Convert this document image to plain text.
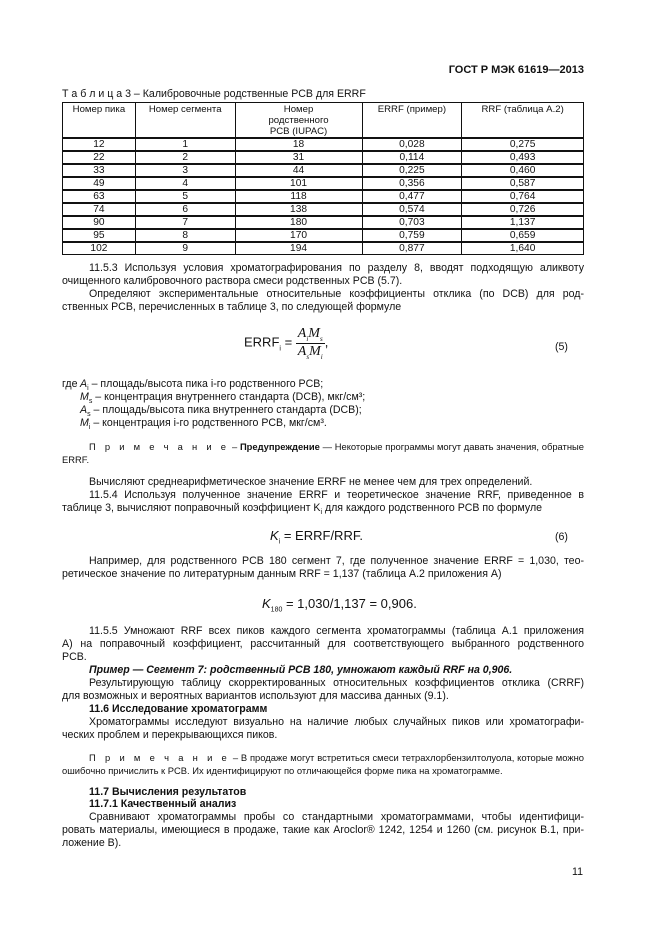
ГОСТ Р МЭК 61619—2013
Т а б л и ц а 3 – Калибровочные родственные PCB для ERRF
Номер пика	Номер сегмента	Номер родственного PCB (IUPAC)	ERRF (пример)	RRF (таблица А.2)
12	1	18	0,028	0,275
22	2	31	0,114	0,493
33	3	44	0,225	0,460
49	4	101	0,356	0,587
63	5	118	0,477	0,764
74	6	138	0,574	0,726
90	7	180	0,703	1,137
95	8	170	0,759	0,659
102	9	194	0,877	1,640
11.5.3 Используя условия хроматографирования по разделу 8, вводят подходящую аликвоту
очищенного калибровочного раствора смеси родственных PCB (5.7).
Определяют экспериментальные относительные коэффициенты отклика (по DCB) для род-
ственных PCB, перечисленных в таблице 3, по следующей формуле
$ERRF_i = \frac{A_iM_s}{A_sM_i}$ ,	(5)
где $A_i$ – площадь/высота пика i-го родственного PCB;
$M_s$ – концентрация внутреннего стандарта (DCB), мкг/см³;
$A_s$ – площадь/высота пика внутреннего стандарта (DCB);
$M_i$ – концентрация i-го родственного PCB, мкг/см³.
П р и м е ч а н и е – Предупреждение — Некоторые программы могут давать значения, обратные
ERRF.
Вычисляют среднеарифметическое значение ERRF не менее чем для трех определений.
11.5.4 Используя полученное значение ERRF и теоретическое значение RRF, приведенное в
таблице 3, вычисляют поправочный коэффициент $K_i$ для каждого родственного PCB по формуле
$K_i$ = ERRF/RRF.	(6)
Например, для родственного PCB 180 сегмент 7, где полученное значение ERRF = 1,030, тео-
ретическое значение по литературным данным RRF = 1,137 (таблица А.2 приложения А)
$K_{180} = 1,030/1,137 = 0,906$.
11.5.5 Умножают RRF всех пиков каждого сегмента хроматограммы (таблица А.1 приложения
А) на поправочный коэффициент, рассчитанный для соответствующего выбранного родственного
PCB.
Пример — Сегмент 7: родственный PCB 180, умножают каждый RRF на 0,906.
Результирующую таблицу скорректированных относительных коэффициентов отклика (CRRF)
для возможных и вероятных вариантов используют для массива данных (9.1).
11.6 Исследование хроматограмм
Хроматограммы исследуют визуально на наличие любых случайных пиков или хроматографи-
ческих проблем и перекрывающихся пиков.
П р и м е ч а н и е – В продаже могут встретиться смеси тетрахлорбензилтолуола, которые можно
ошибочно причислить к PCB. Их идентифицируют по отличающейся форме пика на хроматограмме.
11.7 Вычисления результатов
11.7.1 Качественный анализ
Сравнивают хроматограммы пробы со стандартными хроматограммами, чтобы идентифици-
ровать материалы, имеющиеся в продаже, такие как Aroclor® 1242, 1254 и 1260 (см. рисунок В.1, при-
ложение В).
11
